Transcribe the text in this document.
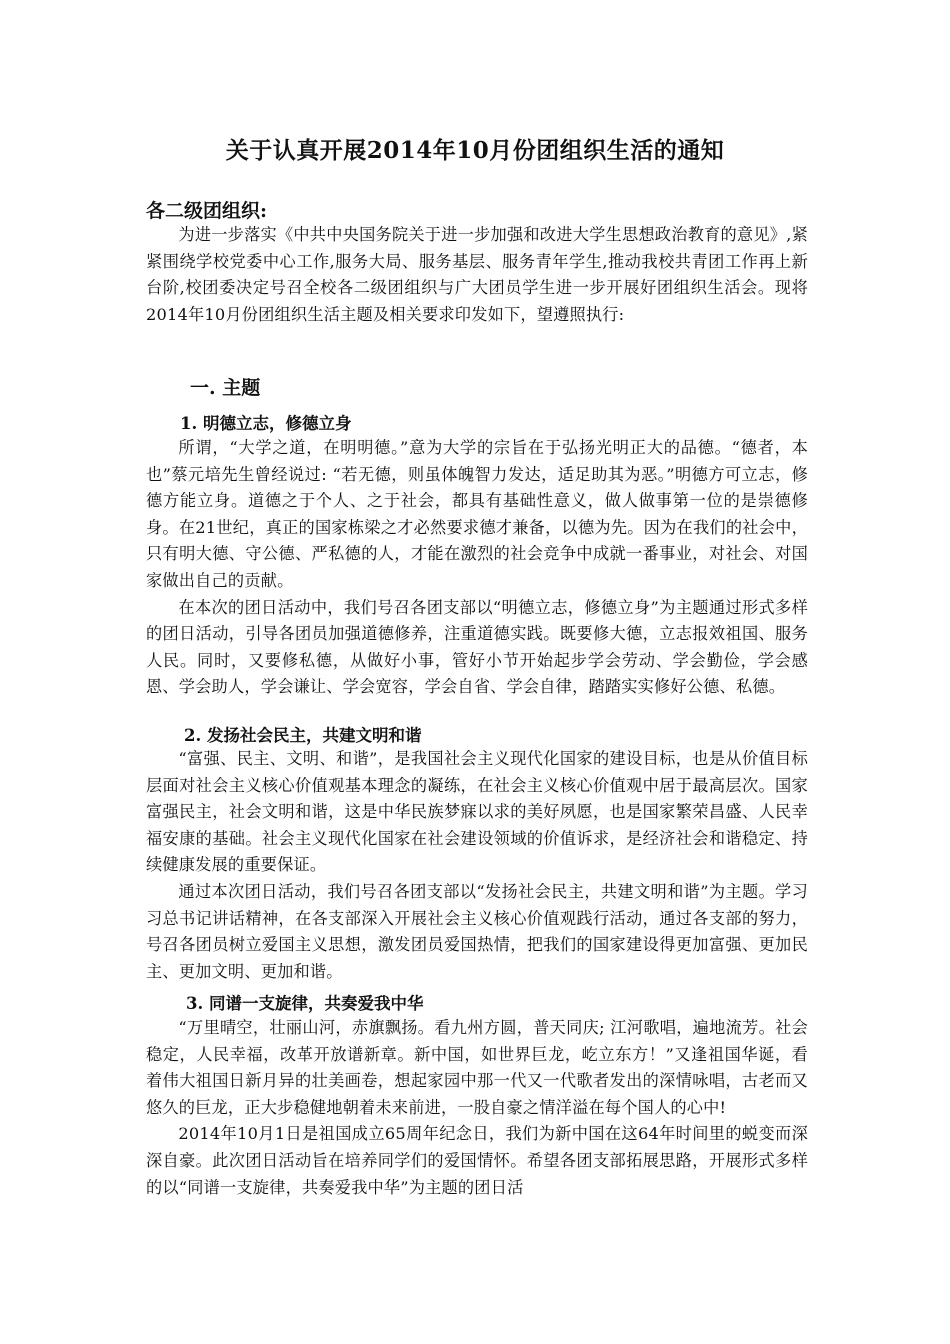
关于认真开展2014年10月份团组织生活的通知
各二级团组织:

为进一步落实《中共中央国务院关于进一步加强和改进大学生思想政治教育的意见》,紧紧围绕学校党委中心工作,服务大局、服务基层、服务青年学生,推动我校共青团工作再上新台阶,校团委决定号召全校各二级团组织与广大团员学生进一步开展好团组织生活会。现将2014年10月份团组织生活主题及相关要求印发如下，望遵照执行:

一. 主题
1. 明德立志，修德立身

所谓，“大学之道，在明明德。”意为大学的宗旨在于弘扬光明正大的品德。“德者，本也”蔡元培先生曾经说过: “若无德，则虽体魄智力发达，适足助其为恶。”明德方可立志，修德方能立身。道德之于个人、之于社会，都具有基础性意义，做人做事第一位的是崇德修身。在21世纪，真正的国家栋梁之才必然要求德才兼备，以德为先。因为在我们的社会中，只有明大德、守公德、严私德的人，才能在激烈的社会竞争中成就一番事业，对社会、对国家做出自己的贡献。

在本次的团日活动中，我们号召各团支部以“明德立志，修德立身”为主题通过形式多样的团日活动，引导各团员加强道德修养，注重道德实践。既要修大德，立志报效祖国、服务人民。同时，又要修私德，从做好小事，管好小节开始起步学会劳动、学会勤俭，学会感恩、学会助人，学会谦让、学会宽容，学会自省、学会自律，踏踏实实修好公德、私德。

2. 发扬社会民主，共建文明和谐

“富强、民主、文明、和谐”，是我国社会主义现代化国家的建设目标，也是从价值目标层面对社会主义核心价值观基本理念的凝练，在社会主义核心价值观中居于最高层次。国家富强民主，社会文明和谐，这是中华民族梦寐以求的美好夙愿，也是国家繁荣昌盛、人民幸福安康的基础。社会主义现代化国家在社会建设领域的价值诉求，是经济社会和谐稳定、持续健康发展的重要保证。

通过本次团日活动，我们号召各团支部以“发扬社会民主，共建文明和谐”为主题。学习习总书记讲话精神，在各支部深入开展社会主义核心价值观践行活动，通过各支部的努力，号召各团员树立爱国主义思想，激发团员爱国热情，把我们的国家建设得更加富强、更加民主、更加文明、更加和谐。

3. 同谱一支旋律，共奏爱我中华

“万里晴空，壮丽山河，赤旗飘扬。看九州方圆，普天同庆; 江河歌唱，遍地流芳。社会稳定，人民幸福，改革开放谱新章。新中国，如世界巨龙，屹立东方！”又逢祖国华诞，看着伟大祖国日新月异的壮美画卷，想起家园中那一代又一代歌者发出的深情咏唱，古老而又悠久的巨龙，正大步稳健地朝着未来前进，一股自豪之情洋溢在每个国人的心中!

2014年10月1日是祖国成立65周年纪念日，我们为新中国在这64年时间里的蜕变而深深自豪。此次团日活动旨在培养同学们的爱国情怀。希望各团支部拓展思路，开展形式多样的以“同谱一支旋律，共奏爱我中华”为主题的团日活
